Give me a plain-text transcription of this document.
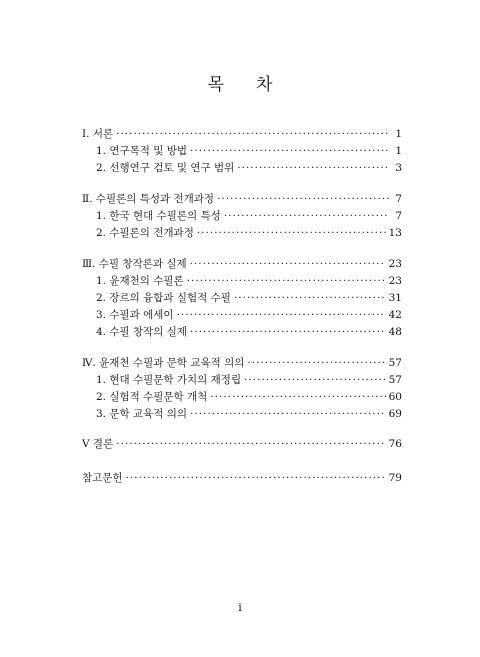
목 차
Ⅰ. 서론 ·····	1
1. 연구목적 및 방법 ·····	1
2. 선행연구 검토 및 연구 범위 ·····	3
Ⅱ. 수필론의 특성과 전개과정 ·····	7
1. 한국 현대 수필론의 특성 ·····	7
2. 수필론의 전개과정 ·····	13
Ⅲ. 수필 창작론과 실제 ·····	23
1. 윤재천의 수필론 ·····	23
2. 장르의 융합과 실험적 수필 ·····	31
3. 수필과 에세이 ·····	42
4. 수필 창작의 실제 ·····	48
Ⅳ. 윤재천 수필과 문학 교육적 의의 ·····	57
1. 현대 수필문학 가치의 재정립 ·····	57
2. 실험적 수필문학 개척 ·····	60
3. 문학 교육적 의의 ·····	69
Ⅴ 결론 ·····	76
참고문헌 ·····	79
i
